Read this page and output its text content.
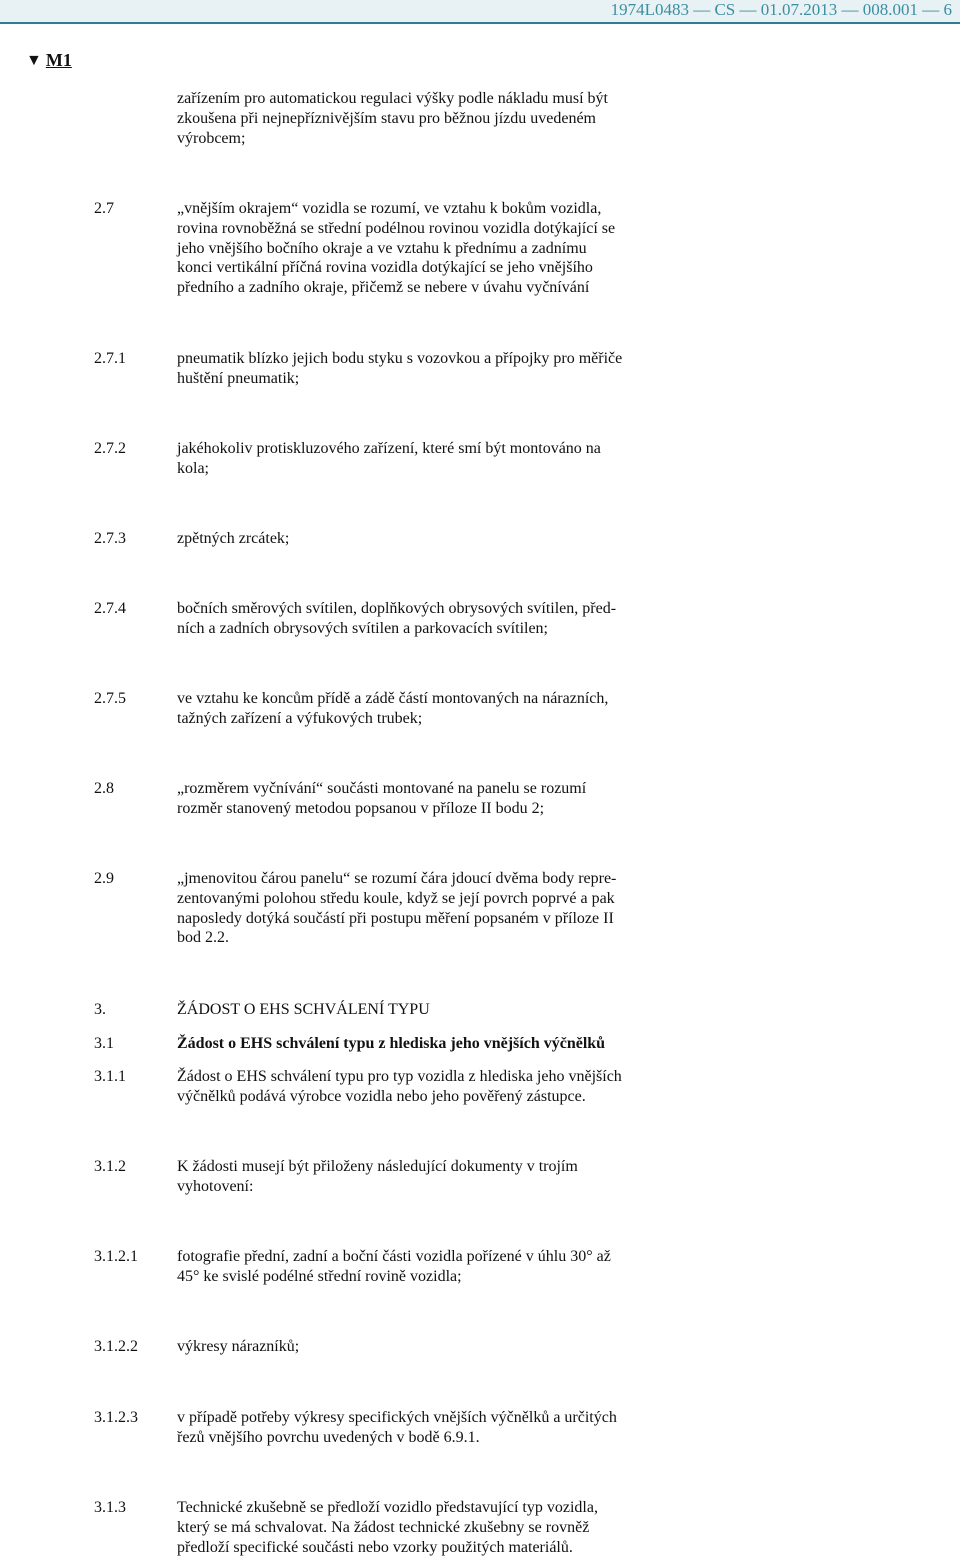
1974L0483 — CS — 01.07.2013 — 008.001 — 6
▼ M1
zařízením pro automatickou regulaci výšky podle nákladu musí být
zkoušena při nejnepříznivějším stavu pro běžnou jízdu uvedeném
výrobcem;
2.7	„vnějším okrajem“ vozidla se rozumí, ve vztahu k bokům vozidla,
rovina rovnoběžná se střední podélnou rovinou vozidla dotýkající se
jeho vnějšího bočního okraje a ve vztahu k přednímu a zadnímu
konci vertikální příčná rovina vozidla dotýkající se jeho vnějšího
předního a zadního okraje, přičemž se nebere v úvahu vyčnívání
2.7.1	pneumatik blízko jejich bodu styku s vozovkou a přípojky pro měřiče
huštění pneumatik;
2.7.2	jakéhokoliv protiskluzového zařízení, které smí být montováno na
kola;
2.7.3	zpětných zrcátek;
2.7.4	bočních směrových svítilen, doplňkových obrysových svítilen, před-
ních a zadních obrysových svítilen a parkovacích svítilen;
2.7.5	ve vztahu ke koncům přídě a zádě částí montovaných na nárazních,
tažných zařízení a výfukových trubek;
2.8	„rozměrem vyčnívání“ součásti montované na panelu se rozumí
rozměr stanovený metodou popsanou v příloze II bodu 2;
2.9	„jmenovitou čárou panelu“ se rozumí čára jdoucí dvěma body repre-
zentovanými polohou středu koule, když se její povrch poprvé a pak
naposledy dotýká součástí při postupu měření popsaném v příloze II
bod 2.2.
3.	ŽÁDOST O EHS SCHVÁLENÍ TYPU
3.1	Žádost o EHS schválení typu z hlediska jeho vnějších výčnělků
3.1.1	Žádost o EHS schválení typu pro typ vozidla z hlediska jeho vnějších
výčnělků podává výrobce vozidla nebo jeho pověřený zástupce.
3.1.2	K žádosti musejí být přiloženy následující dokumenty v trojím
vyhotovení:
3.1.2.1 fotografie přední, zadní a boční části vozidla pořízené v úhlu 30° až
45° ke svislé podélné střední rovině vozidla;
3.1.2.2 výkresy nárazníků;
3.1.2.3 v případě potřeby výkresy specifických vnějších výčnělků a určitých
řezů vnějšího povrchu uvedených v bodě 6.9.1.
3.1.3	Technické zkušebně se předloží vozidlo představující typ vozidla,
který se má schvalovat. Na žádost technické zkušebny se rovněž
předloží specifické součásti nebo vzorky použitých materiálů.
